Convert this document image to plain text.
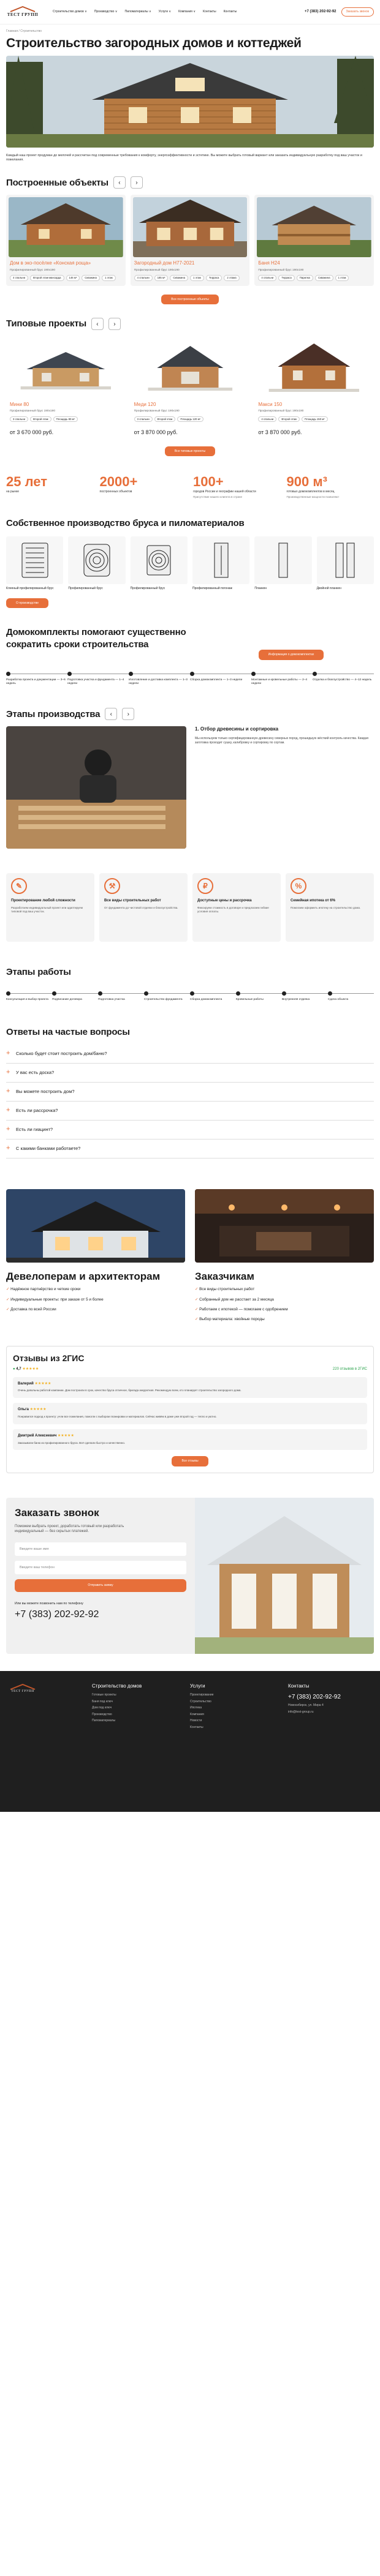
ТЕСТ ГРУПП
Строительство домов ∨ Производство ∨ Пиломатериалы ∨ Услуги ∨ Компания ∨ Контакты Контакты	+7 (383) 202-92-92	Заказать звонок
Главная / Строительство
Строительство загородных домов и коттеджей

Каждый наш проект продуман до мелочей и рассчитан под современные требования к комфорту, энергоэффективности и эстетике. Вы можете выбрать готовый вариант или заказать индивидуальную разработку под ваш участок и пожелания.

Построенные объекты	‹	›
Дом в эко-посёлке «Конская роща»
Профилированный брус 190х190
4 спальни	Второй этаж-мансарда	146 м²	Скважина	1 этаж
Загородный дом Н77-2021
Профилированный брус 190х190
4 спальни	185 м²	Скважина	1 этаж	Терраса	2 этажа
Баня Н24
Профилированный брус 190х190
4 спальни	Терраса	Парилка	Скважина	1 этаж
Все построенные объекты
Типовые проекты	‹	›
Мини 80
Профилированный брус 190х190
3 спальни	Второй этаж	Площадь 80 м²
от 3 670 000 руб.
Меди 120
Профилированный брус 190х190
3 спальни	Второй этаж	Площадь 120 м²
от 3 870 000 руб.
Макси 150
Профилированный брус 190х190
4 спальни	Второй этаж	Площадь 150 м²
от 3 870 000 руб.
Все типовые проекты
25 лет
на рынке
2000+
построенных объектов
100+
городов России и географии нашей области
Присутствие нашего клиента в стране
900 м³
готовых домокомплектов в месяц
Производственные мощности позволяют
Собственное производство бруса и пиломатериалов
Клееный профилированный брус	Профилированный брус	Профилированный брус	Профилированный погонаж	Планкен	Двойной планкен
О производстве
Домокомплекты помогают существенно сократить сроки строительства
Информация о домокомплектах
Разработка проекта и документации — 3–6 недель
Подготовка участка и фундамента — 1–4 недели
Изготовление и доставка комплекта — 1–3 недели
Сборка домокомплекта — 1–3 недели	Монтажные и кровельные работы — 2–4 недели
Отделка и благоустройство — 4–12 недель
Этапы производства	‹	›
1. Отбор древесины и сортировка
Мы используем только сертифицированную древесину северных пород, прошедшую жёсткий контроль качества. Каждая заготовка проходит сушку, калибровку и сортировку по сортам.
✎
Проектирование любой сложности
Разработаем индивидуальный проект или адаптируем типовой под ваш участок.
⚒
Все виды строительных работ
От фундамента до чистовой отделки и благоустройства.
₽
Доступные цены и рассрочка
Фиксируем стоимость в договоре и предлагаем гибкие условия оплаты.
%
Семейная ипотека от 6%
Помогаем оформить ипотеку на строительство дома.
Этапы работы
Консультация и выбор проекта	Подписание договора	Подготовка участка	Строительство фундамента	Сборка домокомплекта	Кровельные работы	Внутренняя отделка	Сдача объекта
Ответы на частые вопросы
+	Сколько будет стоит построить дом/баню?
+	У вас есть доска?
+	Вы можете построить дом?
+	Есть ли рассрочка?
+	Есть ли гиацинт?
+	С какими банками работаете?
Девелоперам и архитекторам
✓ Надёжное партнёрство и четкие сроки
✓ Индивидуальные проекты: при заказе от 5 и более
✓ Доставка по всей России
Заказчикам
✓ Все виды строительных работ
✓ Собранный дом не расстает за 2 месяца
✓ Работаем с ипотекой — помогаем с одобрением
✓ Выбор материала: хвойные породы
Отзывы из 2ГИС
● 4,7 ★★★★★	220 отзывов в 2ГИС
Валерий ★★★★★

Очень довольны работой компании. Дом построили в срок, качество бруса отличное, бригада аккуратная. Рекомендую всем, кто планирует строительство загородного дома.

Ольга ★★★★★

Понравился подход к проекту: учли все пожелания, помогли с выбором планировки и материалов. Сейчас живём в доме уже второй год — тепло и уютно.

Дмитрий Алексеевич ★★★★★

Заказывали баню из профилированного бруса. Всё сделали быстро и качественно.

Все отзывы
Заказать звонок
Поможем выбрать проект, доработать готовый или разработать индивидуальный — без скрытых платежей.
Введите ваше имя
Введите ваш телефон
Отправить заявку
Или вы можете позвонить нам по телефону
+7 (383) 202-92-92
ТЕСТ ГРУПП
Строительство домов
Готовые проекты
Баня под ключ
Дом под ключ
Производство
Пиломатериалы
Услуги
Проектирование
Строительство
Ипотека
Компания
Новости
Контакты
Контакты
+7 (383) 202-92-92
Новосибирск, ул. Мира 4
info@test-group.ru
